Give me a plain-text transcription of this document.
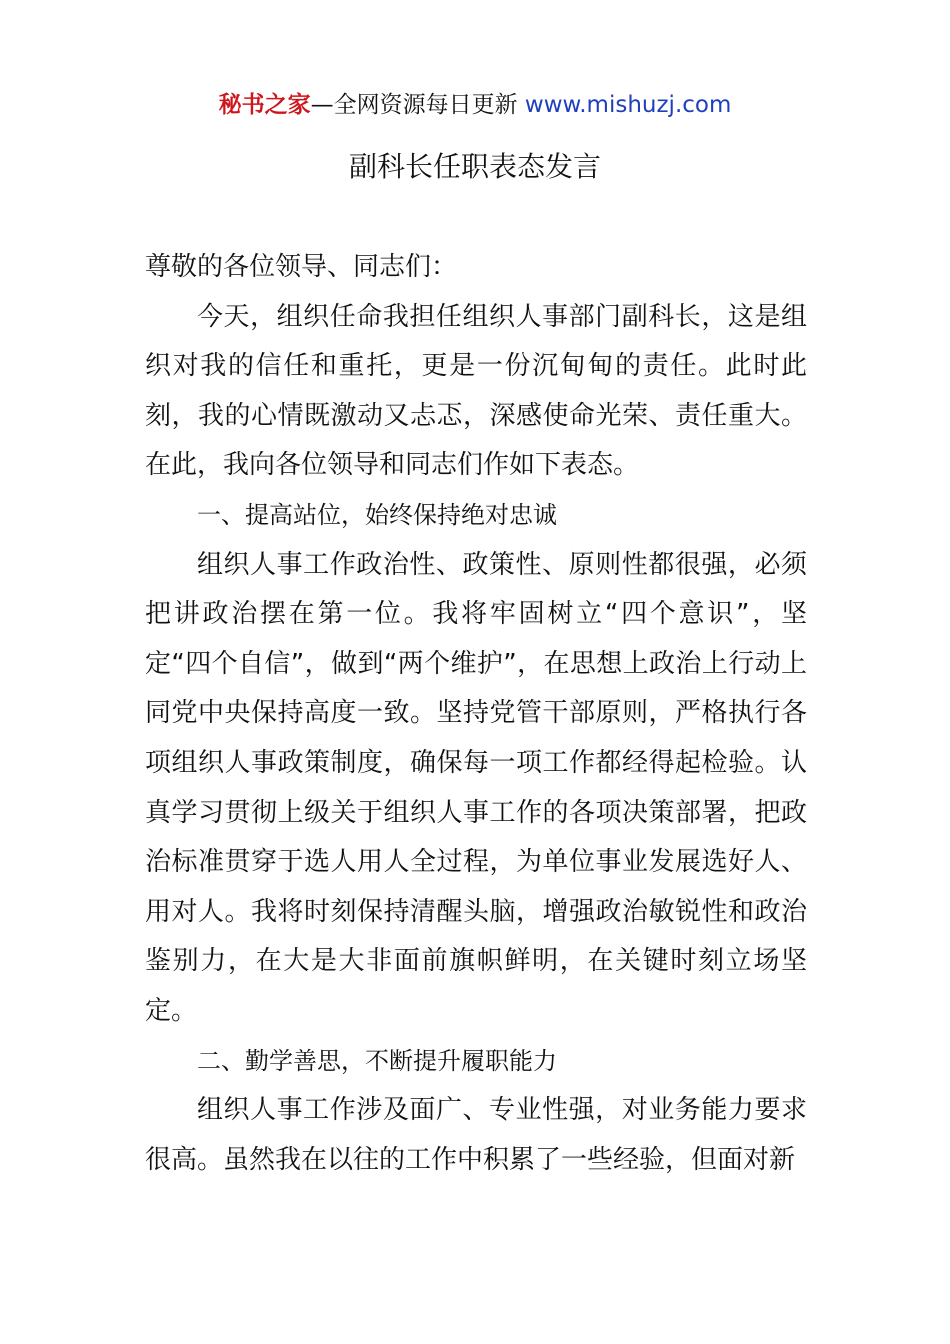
秘书之家—全网资源每日更新 www.mishuzj.com
副科长任职表态发言

尊敬的各位领导、同志们：

今天，组织任命我担任组织人事部门副科长，这是组织对我的信任和重托，更是一份沉甸甸的责任。此时此刻，我的心情既激动又忐忑，深感使命光荣、责任重大。在此，我向各位领导和同志们作如下表态。

一、提高站位，始终保持绝对忠诚

组织人事工作政治性、政策性、原则性都很强，必须把讲政治摆在第一位。我将牢固树立“四个意识”，坚定“四个自信”，做到“两个维护”，在思想上政治上行动上同党中央保持高度一致。坚持党管干部原则，严格执行各项组织人事政策制度，确保每一项工作都经得起检验。认真学习贯彻上级关于组织人事工作的各项决策部署，把政治标准贯穿于选人用人全过程，为单位事业发展选好人、用对人。我将时刻保持清醒头脑，增强政治敏锐性和政治鉴别力，在大是大非面前旗帜鲜明，在关键时刻立场坚定。

二、勤学善思，不断提升履职能力

组织人事工作涉及面广、专业性强，对业务能力要求很高。虽然我在以往的工作中积累了一些经验，但面对新
